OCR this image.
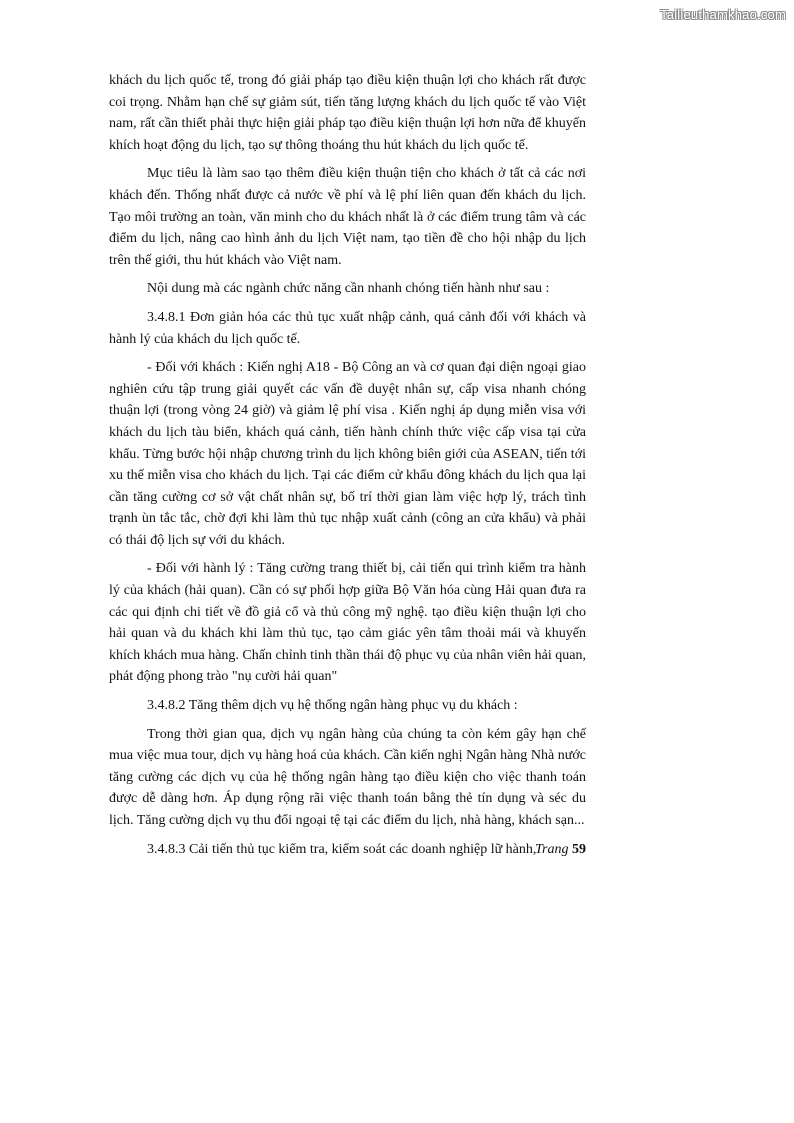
Tailieuthamkhao.com

khách du lịch quốc tế, trong đó giải pháp tạo điều kiện thuận lợi cho khách rất được coi trọng. Nhằm hạn chế sự giảm sút, tiến tăng lượng khách du lịch quốc tế vào Việt nam, rất cần thiết phải thực hiện giải pháp tạo điều kiện thuận lợi hơn nữa để khuyến khích hoạt động du lịch, tạo sự thông thoáng thu hút khách du lịch quốc tế.

Mục tiêu là làm sao tạo thêm điều kiện thuận tiện cho khách ở tất cả các nơi khách đến. Thống nhất được cả nước về phí và lệ phí liên quan đến khách du lịch. Tạo môi trường an toàn, văn minh cho du khách nhất là ở các điểm trung tâm và các điểm du lịch, nâng cao hình ảnh du lịch Việt nam, tạo tiền đề cho hội nhập du lịch trên thế giới, thu hút khách vào Việt nam.

Nội dung mà các ngành chức năng cần nhanh chóng tiến hành như sau :

3.4.8.1 Đơn giản hóa các thủ tục xuất nhập cảnh, quá cảnh đối với khách và hành lý của khách du lịch quốc tế.

- Đối với khách : Kiến nghị A18 - Bộ Công an và cơ quan đại diện ngoại giao nghiên cứu tập trung giải quyết các vấn đề duyệt nhân sự, cấp visa nhanh chóng thuận lợi (trong vòng 24 giờ) và giảm lệ phí visa . Kiến nghị áp dụng miễn visa với khách du lịch tàu biển, khách quá cảnh, tiến hành chính thức việc cấp visa tại cửa khẩu. Từng bước hội nhập chương trình du lịch không biên giới của ASEAN, tiến tới xu thế miễn visa cho khách du lịch. Tại các điểm cử khẩu đông khách du lịch qua lại cần tăng cường cơ sở vật chất nhân sự, bố trí thời gian làm việc hợp lý, trách tình trạnh ùn tắc tắc, chờ đợi khi làm thủ tục nhập xuất cảnh (công an cửa khẩu) và phải có thái độ lịch sự với du khách.

- Đối với hành lý : Tăng cường trang thiết bị, cải tiến qui trình kiểm tra hành lý của khách (hải quan). Cần có sự phối hợp giữa Bộ Văn hóa cùng Hải quan đưa ra các qui định chi tiết về đồ giả cổ và thủ công mỹ nghệ. tạo điều kiện thuận lợi cho hải quan và du khách khi làm thủ tục, tạo cảm giác yên tâm thoải mái và khuyến khích khách mua hàng. Chấn chỉnh tinh thần thái độ phục vụ của nhân viên hải quan, phát động phong trào "nụ cười hải quan"

3.4.8.2 Tăng thêm dịch vụ hệ thống ngân hàng phục vụ du khách :

Trong thời gian qua, dịch vụ ngân hàng của chúng ta còn kém gây hạn chế mua việc mua tour, dịch vụ hàng hoá của khách. Cần kiến nghị Ngân hàng Nhà nước tăng cường các dịch vụ của hệ thống ngân hàng tạo điều kiện cho việc thanh toán được dễ dàng hơn. Áp dụng rộng rãi việc thanh toán bằng thẻ tín dụng và séc du lịch. Tăng cường dịch vụ thu đổi ngoại tệ tại các điểm du lịch, nhà hàng, khách sạn...

3.4.8.3 Cải tiến thủ tục kiểm tra, kiểm soát các doanh nghiệp lữ hành,

Trang 59
